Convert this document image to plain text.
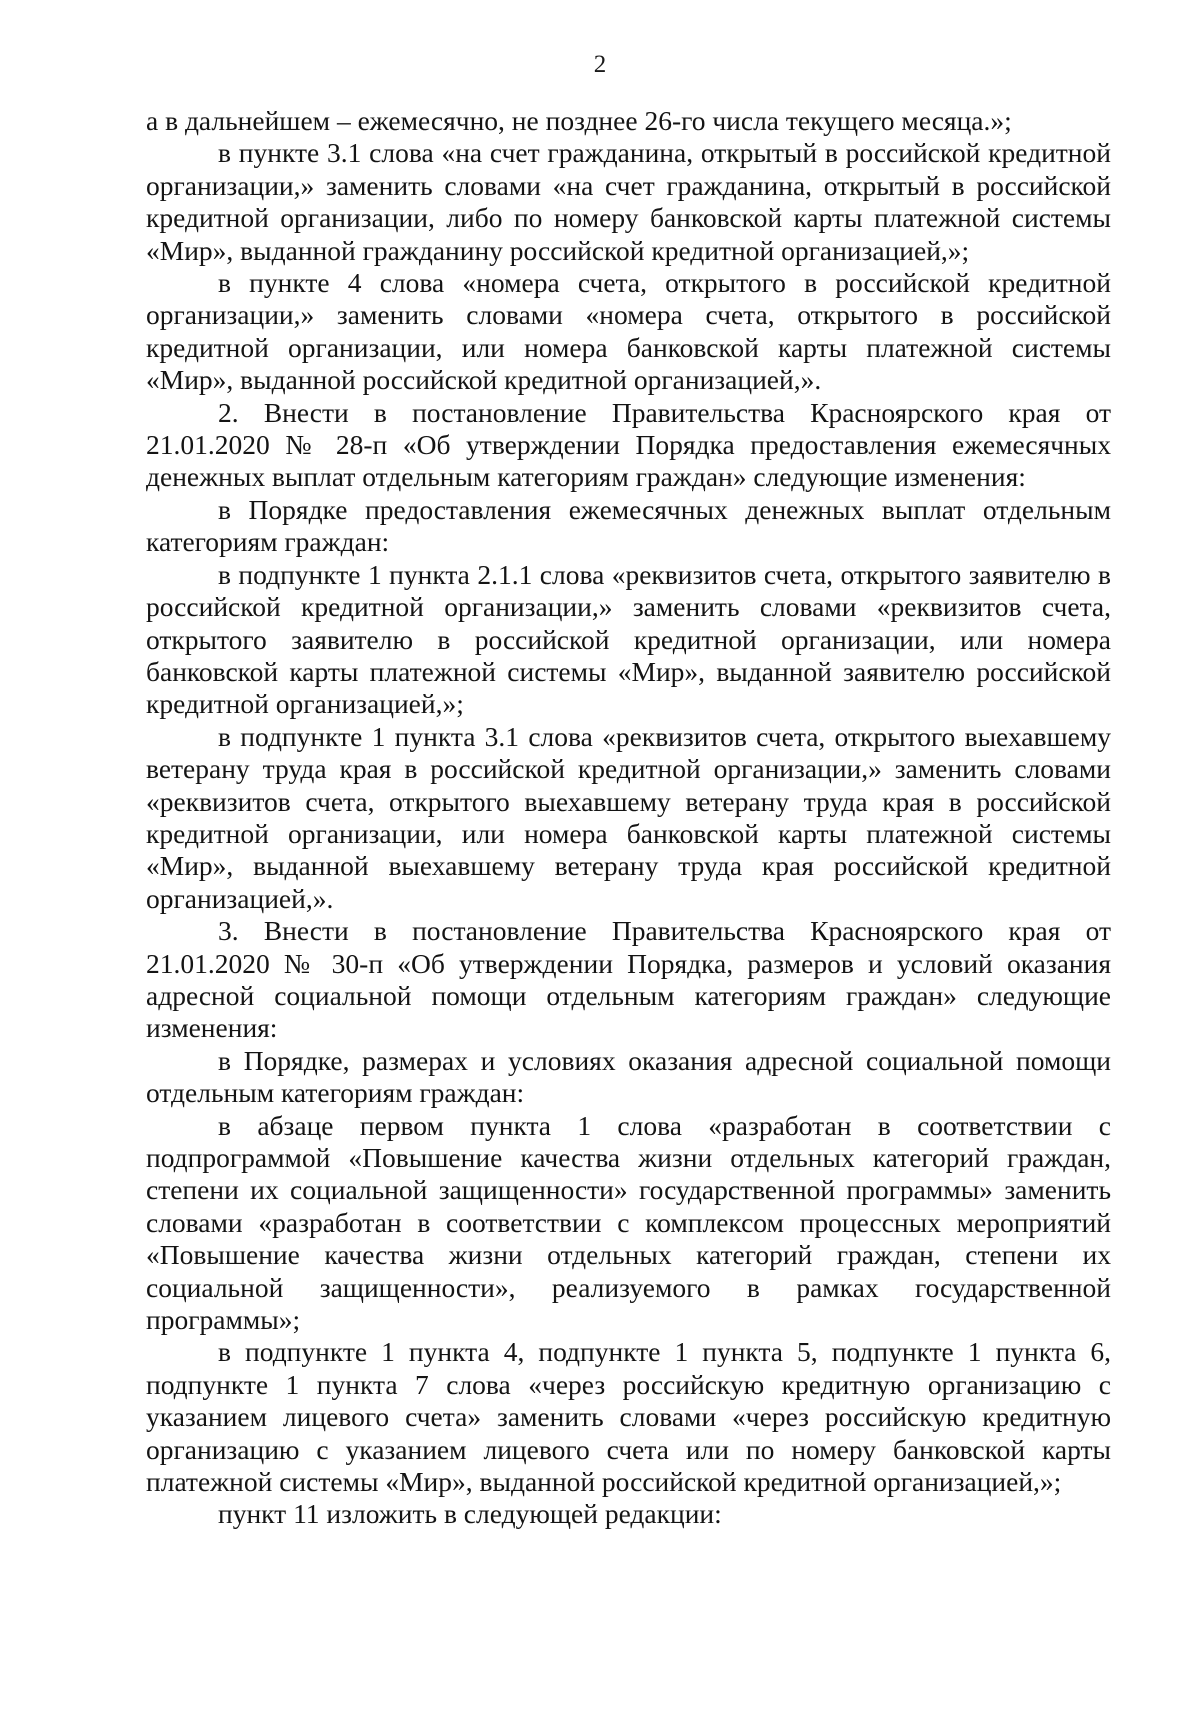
2

а в дальнейшем – ежемесячно, не позднее 26-го числа текущего месяца.»;

в пункте 3.1 слова «на счет гражданина, открытый в российской кредитной организации,» заменить словами «на счет гражданина, открытый в российской кредитной организации, либо по номеру банковской карты платежной системы «Мир», выданной гражданину российской кредитной организацией,»;

в пункте 4 слова «номера счета, открытого в российской кредитной организации,» заменить словами «номера счета, открытого в российской кредитной организации, или номера банковской карты платежной системы «Мир», выданной российской кредитной организацией,».

2. Внести в постановление Правительства Красноярского края от 21.01.2020 № 28-п «Об утверждении Порядка предоставления ежемесячных денежных выплат отдельным категориям граждан» следующие изменения:

в Порядке предоставления ежемесячных денежных выплат отдельным категориям граждан:

в подпункте 1 пункта 2.1.1 слова «реквизитов счета, открытого заявителю в российской кредитной организации,» заменить словами «реквизитов счета, открытого заявителю в российской кредитной организации, или номера банковской карты платежной системы «Мир», выданной заявителю российской кредитной организацией,»;

в подпункте 1 пункта 3.1 слова «реквизитов счета, открытого выехавшему ветерану труда края в российской кредитной организации,» заменить словами «реквизитов счета, открытого выехавшему ветерану труда края в российской кредитной организации, или номера банковской карты платежной системы «Мир», выданной выехавшему ветерану труда края российской кредитной организацией,».

3. Внести в постановление Правительства Красноярского края от 21.01.2020 № 30-п «Об утверждении Порядка, размеров и условий оказания адресной социальной помощи отдельным категориям граждан» следующие изменения:

в Порядке, размерах и условиях оказания адресной социальной помощи отдельным категориям граждан:

в абзаце первом пункта 1 слова «разработан в соответствии с подпрограммой «Повышение качества жизни отдельных категорий граждан, степени их социальной защищенности» государственной программы» заменить словами «разработан в соответствии с комплексом процессных мероприятий «Повышение качества жизни отдельных категорий граждан, степени их социальной защищенности», реализуемого в рамках государственной программы»;

в подпункте 1 пункта 4, подпункте 1 пункта 5, подпункте 1 пункта 6, подпункте 1 пункта 7 слова «через российскую кредитную организацию с указанием лицевого счета» заменить словами «через российскую кредитную организацию с указанием лицевого счета или по номеру банковской карты платежной системы «Мир», выданной российской кредитной организацией,»;

пункт 11 изложить в следующей редакции:
